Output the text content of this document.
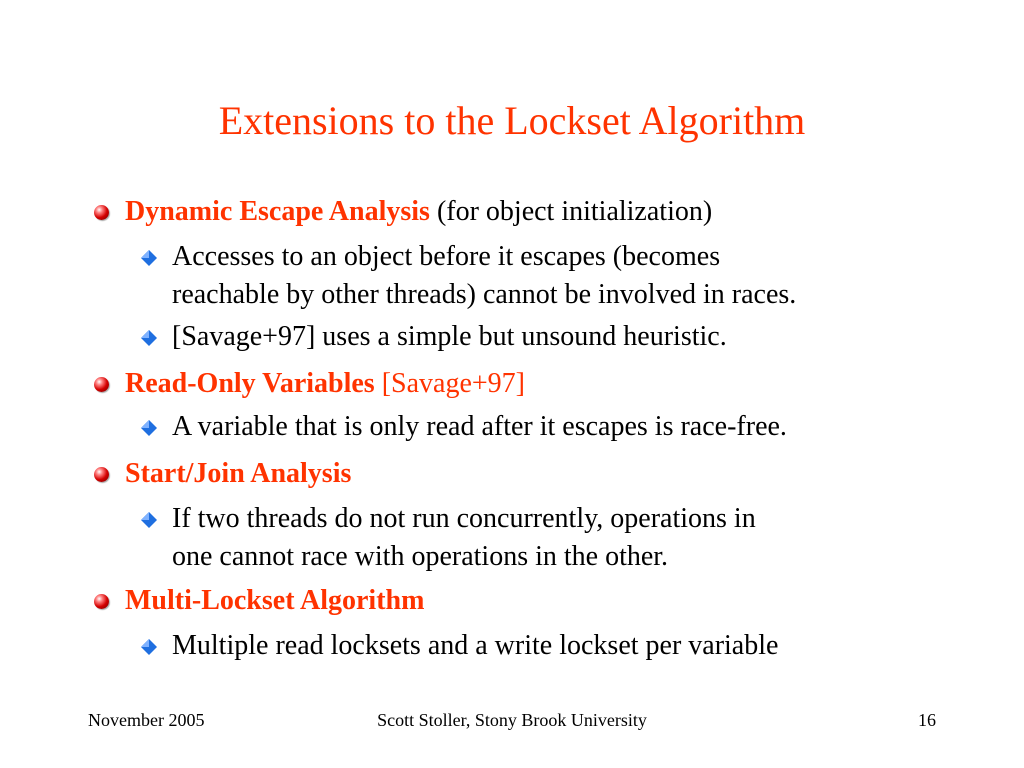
Extensions to the Lockset Algorithm
Dynamic Escape Analysis (for object initialization)
Accesses to an object before it escapes (becomes
reachable by other threads) cannot be involved in races.
[Savage+97] uses a simple but unsound heuristic.
Read-Only Variables [Savage+97]
A variable that is only read after it escapes is race-free.
Start/Join Analysis
If two threads do not run concurrently, operations in
one cannot race with operations in the other.
Multi-Lockset Algorithm
Multiple read locksets and a write lockset per variable
November 2005	Scott Stoller, Stony Brook University	16
